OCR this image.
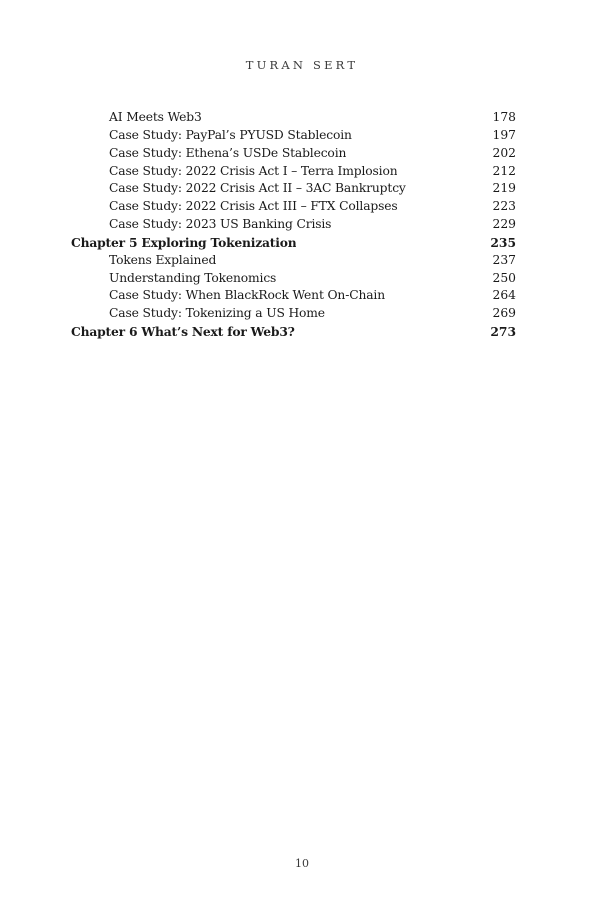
TURAN SERT
AI Meets Web3	178
Case Study: PayPal’s PYUSD Stablecoin	197
Case Study: Ethena’s USDe Stablecoin	202
Case Study: 2022 Crisis Act I – Terra Implosion	212
Case Study: 2022 Crisis Act II – 3AC Bankruptcy	219
Case Study: 2022 Crisis Act III – FTX Collapses	223
Case Study: 2023 US Banking Crisis	229
Chapter 5 Exploring Tokenization	235
Tokens Explained	237
Understanding Tokenomics	250
Case Study: When BlackRock Went On-Chain	264
Case Study: Tokenizing a US Home	269
Chapter 6 What’s Next for Web3?	273
10
